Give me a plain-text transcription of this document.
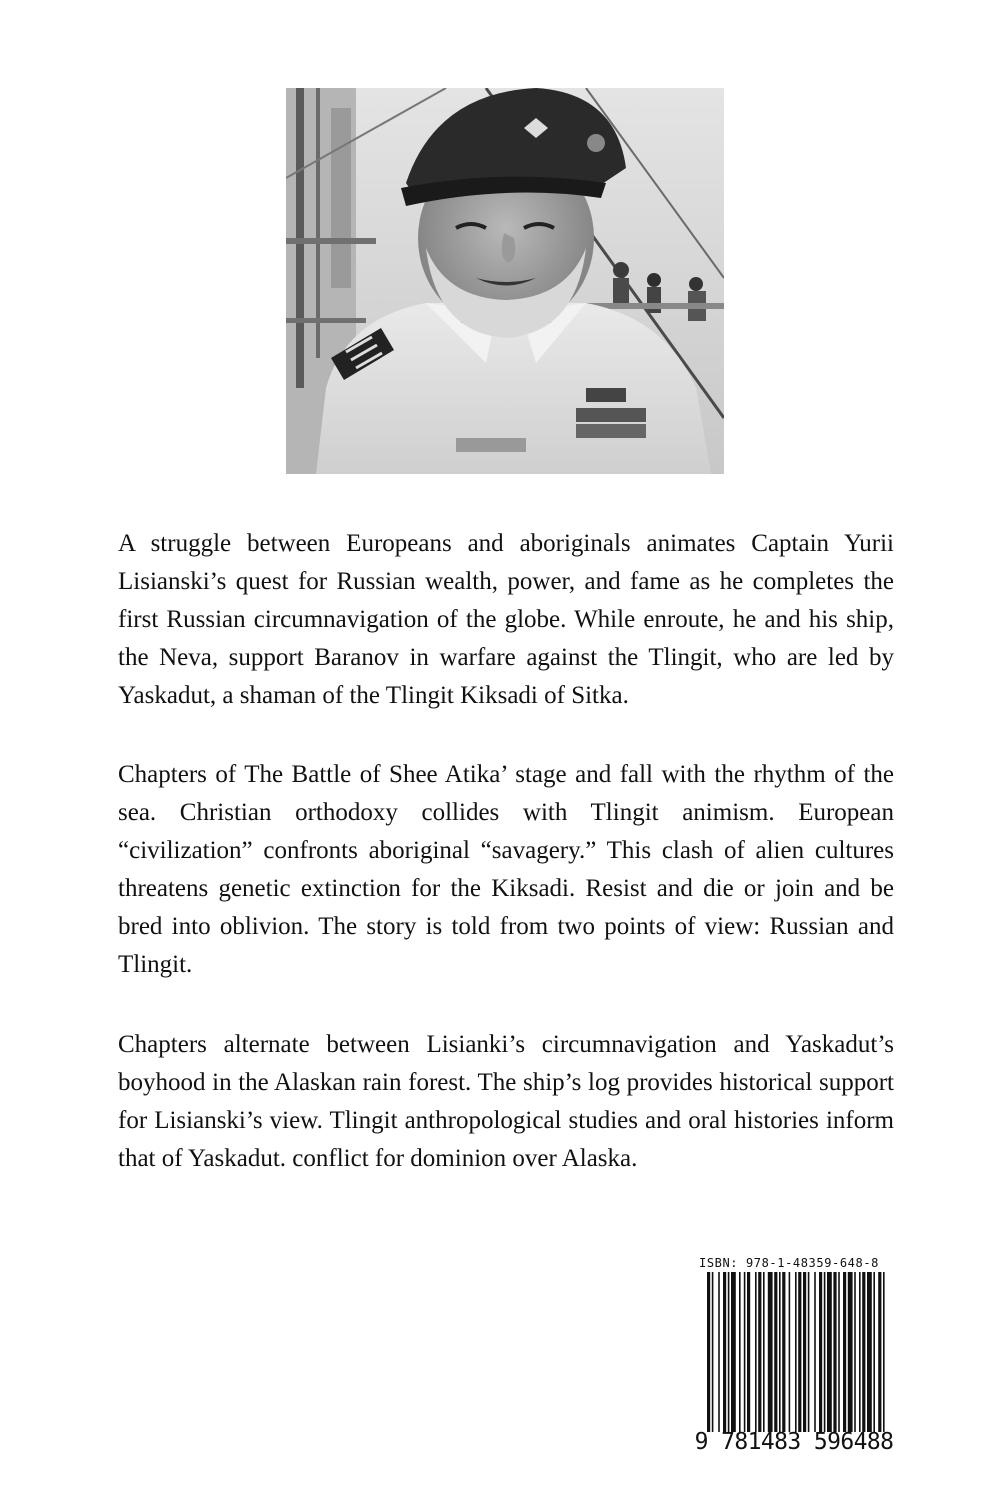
A struggle between Europeans and aboriginals animates Captain Yurii Lisianski’s quest for Russian wealth, power, and fame as he completes the first Russian circumnavigation of the globe. While enroute, he and his ship, the Neva, support Baranov in warfare against the Tlingit, who are led by Yaskadut, a shaman of the Tlingit Kiksadi of Sitka.

Chapters of The Battle of Shee Atika’ stage and fall with the rhythm of the sea. Christian orthodoxy collides with Tlingit animism. European “civilization” confronts aboriginal “savagery.” This clash of alien cultures threatens genetic extinction for the Kiksadi. Resist and die or join and be bred into oblivion. The story is told from two points of view: Russian and Tlingit.

Chapters alternate between Lisianki’s circumnavigation and Yaskadut’s boyhood in the Alaskan rain forest. The ship’s log provides historical support for Lisianski’s view. Tlingit anthropological studies and oral histories inform that of Yaskadut. conflict for dominion over Alaska.

ISBN: 978-1-48359-648-8
9 781483 596488
